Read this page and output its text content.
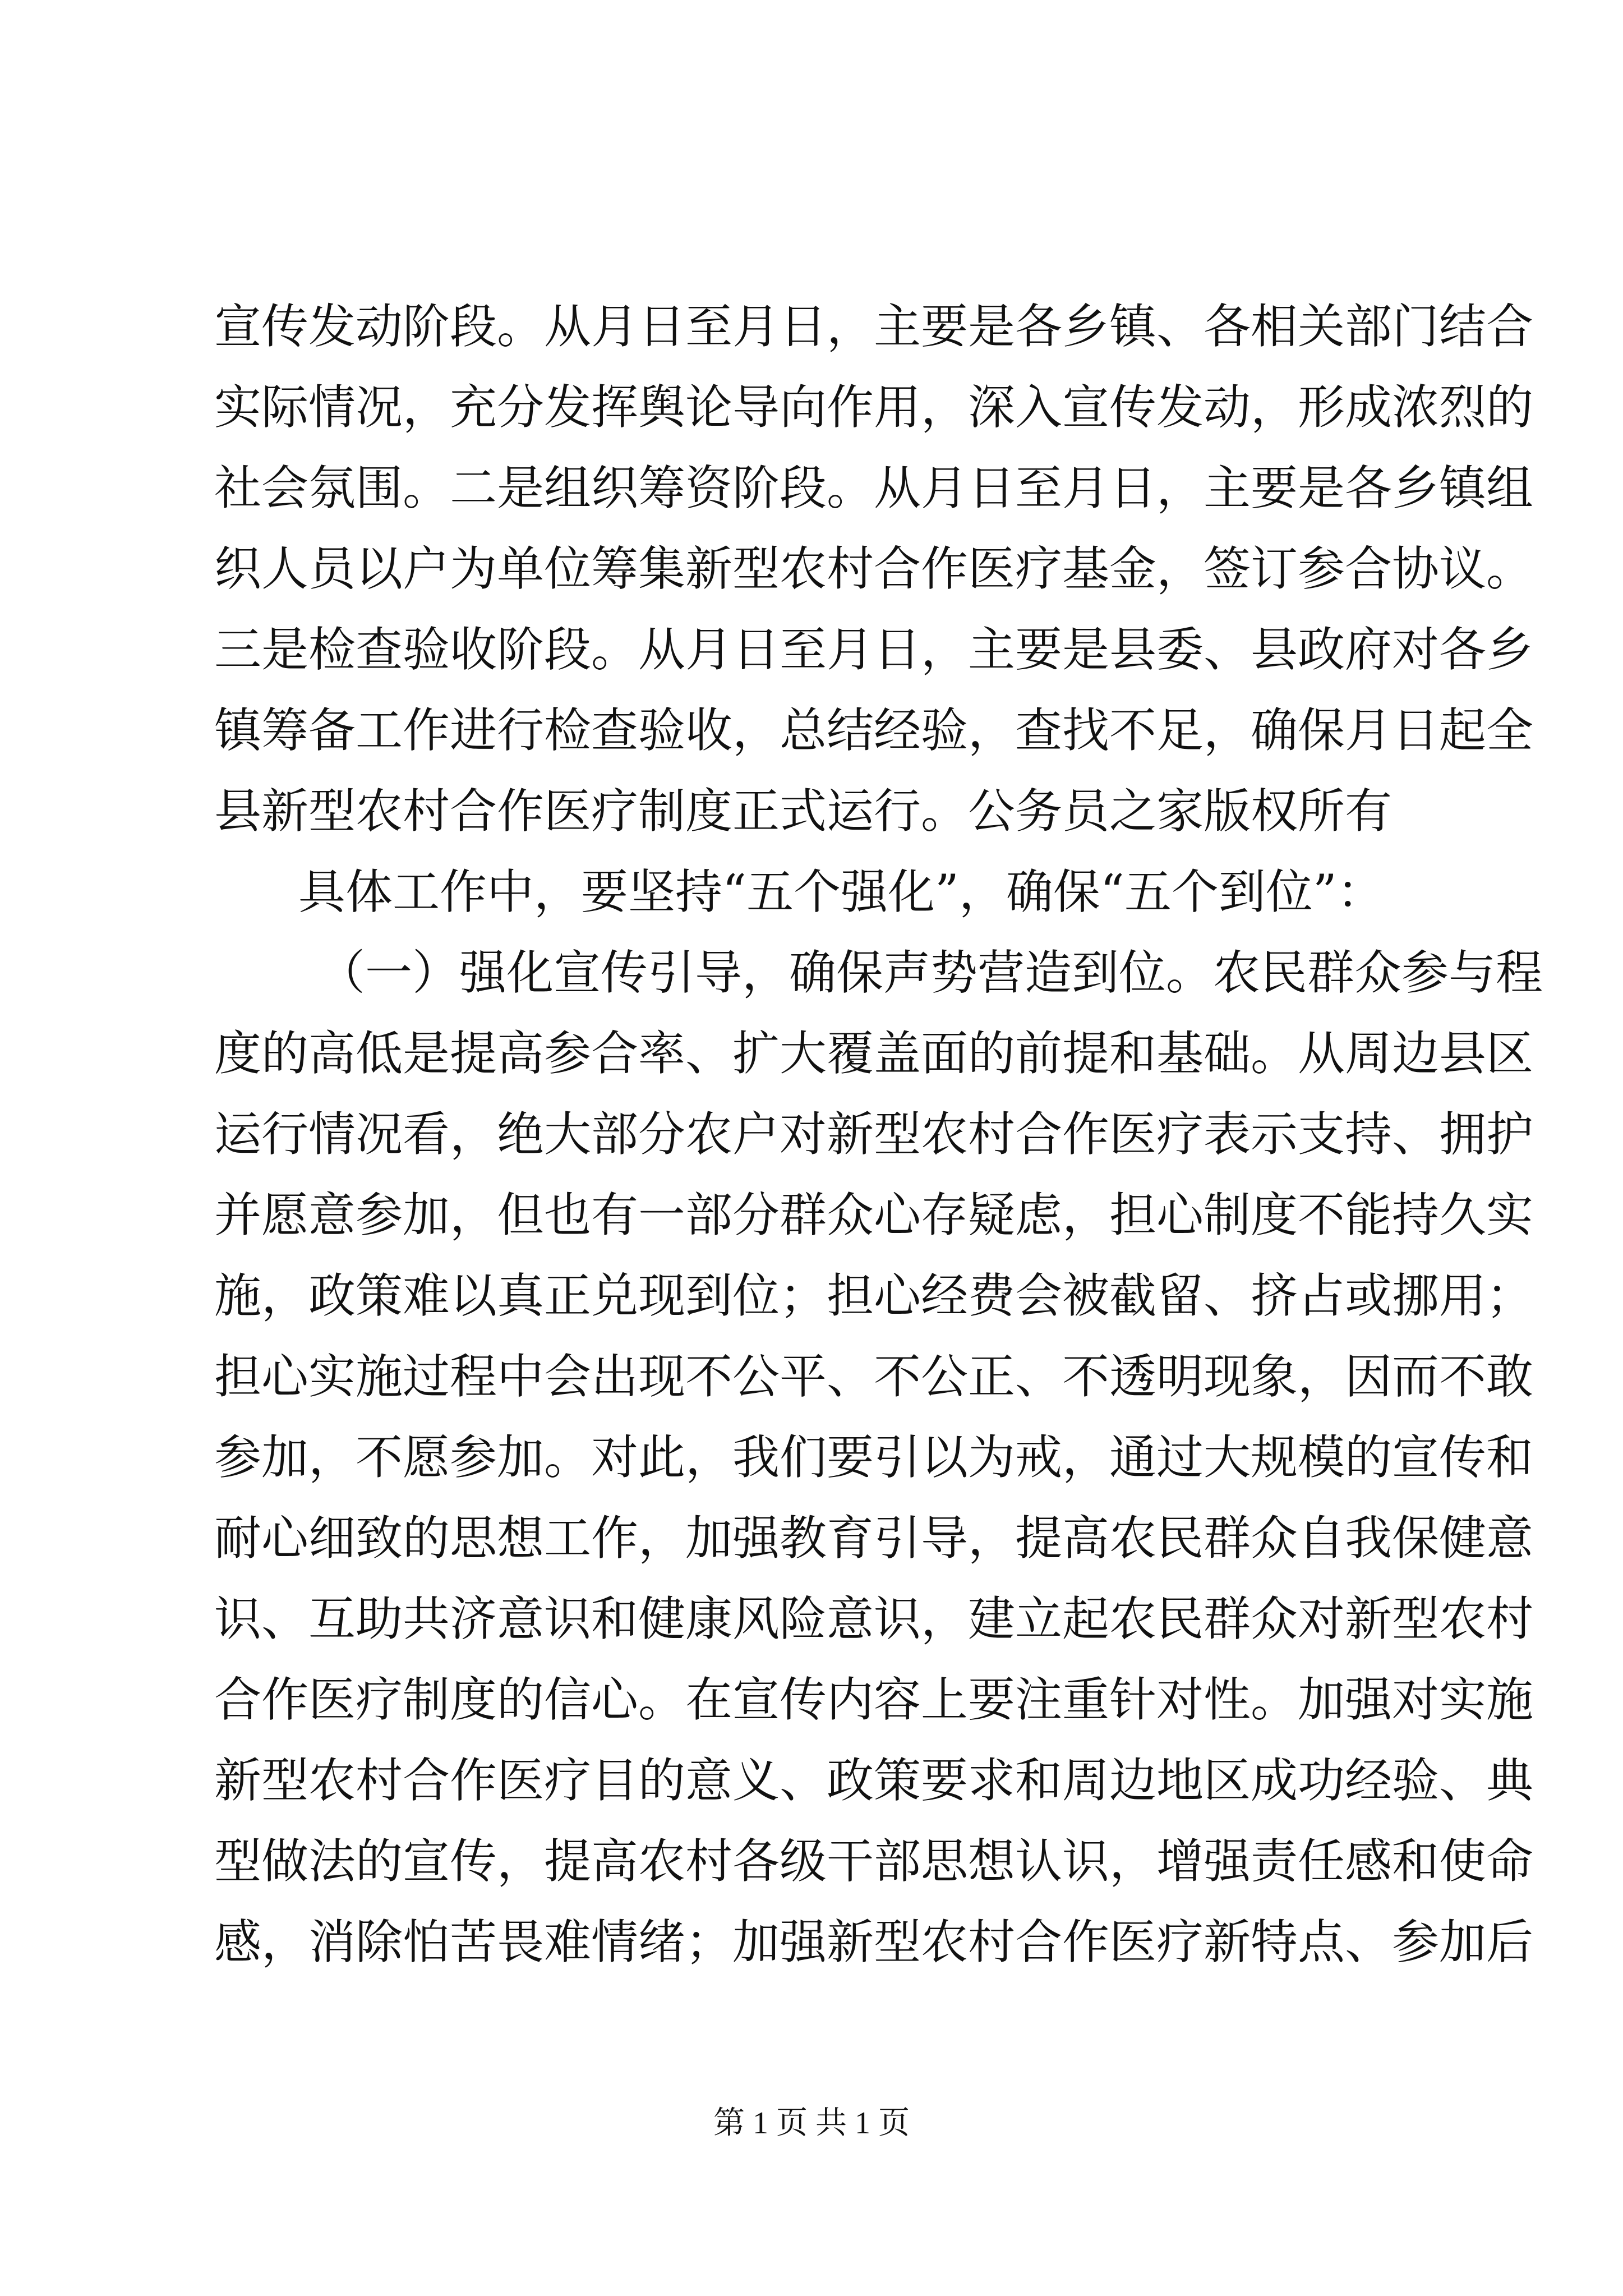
宣传发动阶段。从月日至月日，主要是各乡镇、各相关部门结合
实际情况，充分发挥舆论导向作用，深入宣传发动，形成浓烈的
社会氛围。二是组织筹资阶段。从月日至月日，主要是各乡镇组
织人员以户为单位筹集新型农村合作医疗基金，签订参合协议。
三是检查验收阶段。从月日至月日，主要是县委、县政府对各乡
镇筹备工作进行检查验收，总结经验，查找不足，确保月日起全
县新型农村合作医疗制度正式运行。公务员之家版权所有
具体工作中，要坚持“五个强化”，确保“五个到位”：
（一）强化宣传引导，确保声势营造到位。农民群众参与程
度的高低是提高参合率、扩大覆盖面的前提和基础。从周边县区
运行情况看，绝大部分农户对新型农村合作医疗表示支持、拥护
并愿意参加，但也有一部分群众心存疑虑，担心制度不能持久实
施，政策难以真正兑现到位；担心经费会被截留、挤占或挪用；
担心实施过程中会出现不公平、不公正、不透明现象，因而不敢
参加，不愿参加。对此，我们要引以为戒，通过大规模的宣传和
耐心细致的思想工作，加强教育引导，提高农民群众自我保健意
识、互助共济意识和健康风险意识，建立起农民群众对新型农村
合作医疗制度的信心。在宣传内容上要注重针对性。加强对实施
新型农村合作医疗目的意义、政策要求和周边地区成功经验、典
型做法的宣传，提高农村各级干部思想认识，增强责任感和使命
感，消除怕苦畏难情绪；加强新型农村合作医疗新特点、参加后
第 1 页 共 1 页
